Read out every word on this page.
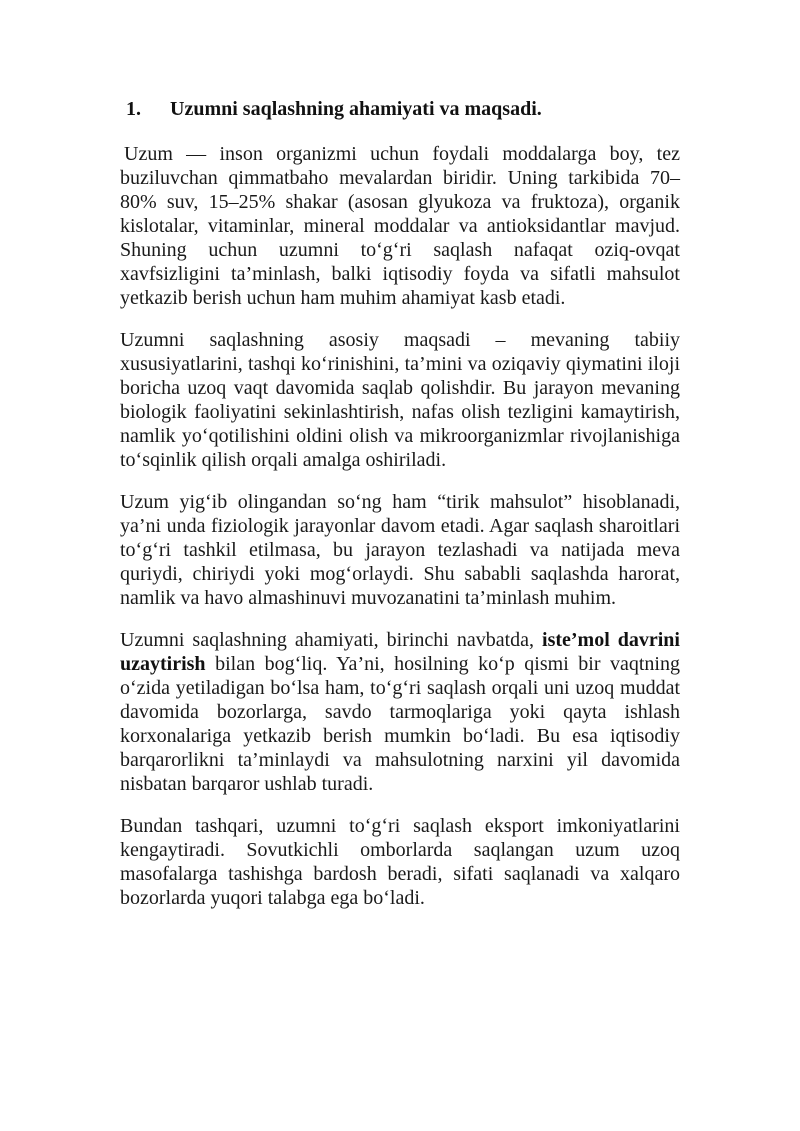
1. Uzumni saqlashning ahamiyati va maqsadi.

Uzum — inson organizmi uchun foydali moddalarga boy, tez buziluvchan qimmatbaho mevalardan biridir. Uning tarkibida 70–80% suv, 15–25% shakar (asosan glyukoza va fruktoza), organik kislotalar, vitaminlar, mineral moddalar va antioksidantlar mavjud. Shuning uchun uzumni to‘g‘ri saqlash nafaqat oziq-ovqat xavfsizligini ta’minlash, balki iqtisodiy foyda va sifatli mahsulot yetkazib berish uchun ham muhim ahamiyat kasb etadi.

Uzumni saqlashning asosiy maqsadi – mevaning tabiiy xususiyatlarini, tashqi ko‘rinishini, ta’mini va oziqaviy qiymatini iloji boricha uzoq vaqt davomida saqlab qolishdir. Bu jarayon mevaning biologik faoliyatini sekinlashtirish, nafas olish tezligini kamaytirish, namlik yo‘qotilishini oldini olish va mikroorganizmlar rivojlanishiga to‘sqinlik qilish orqali amalga oshiriladi.

Uzum yig‘ib olingandan so‘ng ham “tirik mahsulot” hisoblanadi, ya’ni unda fiziologik jarayonlar davom etadi. Agar saqlash sharoitlari to‘g‘ri tashkil etilmasa, bu jarayon tezlashadi va natijada meva quriydi, chiriydi yoki mog‘orlaydi. Shu sababli saqlashda harorat, namlik va havo almashinuvi muvozanatini ta’minlash muhim.

Uzumni saqlashning ahamiyati, birinchi navbatda, iste’mol davrini uzaytirish bilan bog‘liq. Ya’ni, hosilning ko‘p qismi bir vaqtning o‘zida yetiladigan bo‘lsa ham, to‘g‘ri saqlash orqali uni uzoq muddat davomida bozorlarga, savdo tarmoqlariga yoki qayta ishlash korxonalariga yetkazib berish mumkin bo‘ladi. Bu esa iqtisodiy barqarorlikni ta’minlaydi va mahsulotning narxini yil davomida nisbatan barqaror ushlab turadi.

Bundan tashqari, uzumni to‘g‘ri saqlash eksport imkoniyatlarini kengaytiradi. Sovutkichli omborlarda saqlangan uzum uzoq masofalarga tashishga bardosh beradi, sifati saqlanadi va xalqaro bozorlarda yuqori talabga ega bo‘ladi.
